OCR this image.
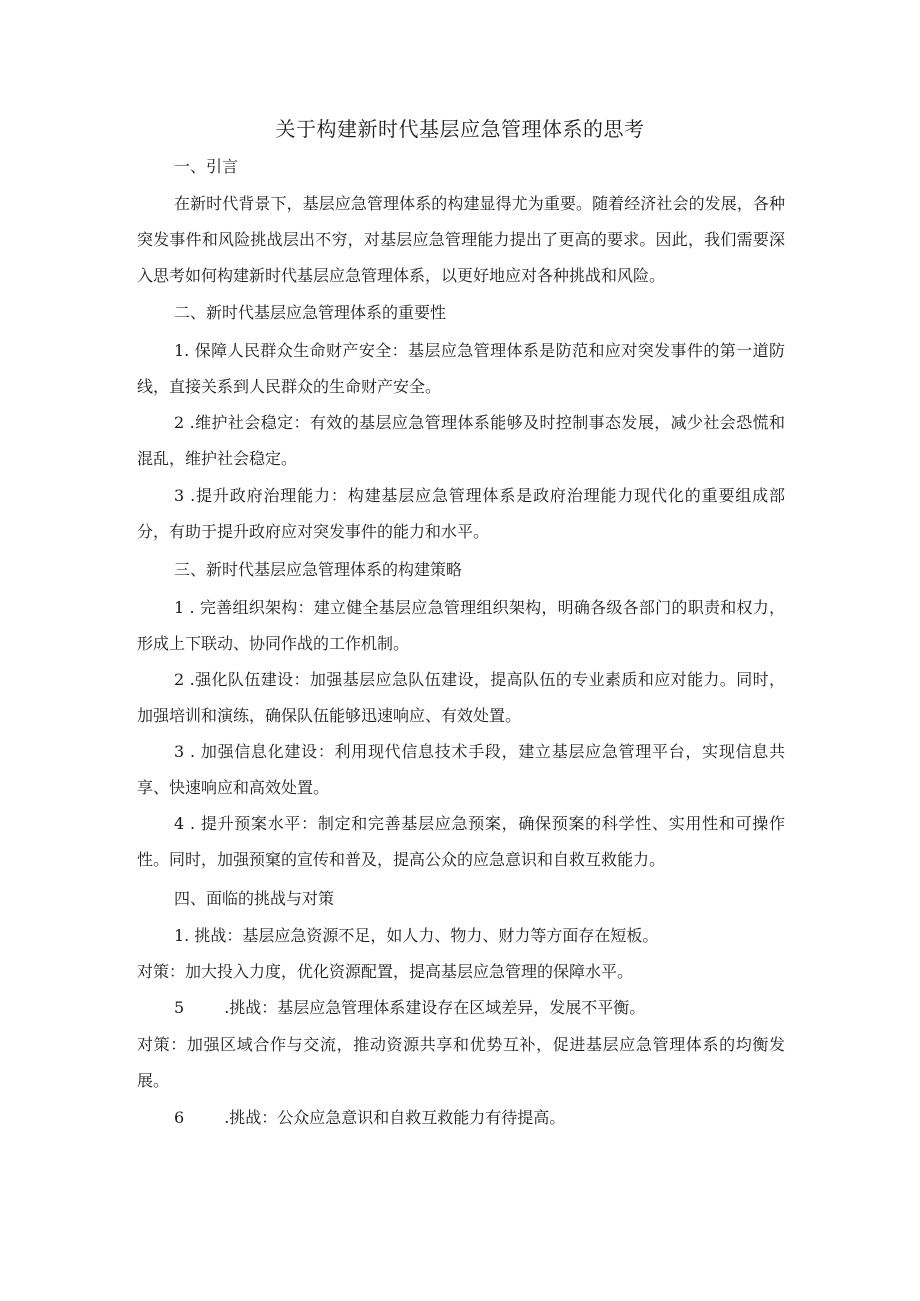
关于构建新时代基层应急管理体系的思考
一、引言
在新时代背景下，基层应急管理体系的构建显得尤为重要。随着经济社会的发展，各种突发事件和风险挑战层出不穷，对基层应急管理能力提出了更高的要求。因此，我们需要深入思考如何构建新时代基层应急管理体系，以更好地应对各种挑战和风险。
二、新时代基层应急管理体系的重要性
1. 保障人民群众生命财产安全：基层应急管理体系是防范和应对突发事件的第一道防线，直接关系到人民群众的生命财产安全。
2 .维护社会稳定：有效的基层应急管理体系能够及时控制事态发展，减少社会恐慌和混乱，维护社会稳定。
3 .提升政府治理能力：构建基层应急管理体系是政府治理能力现代化的重要组成部分，有助于提升政府应对突发事件的能力和水平。
三、新时代基层应急管理体系的构建策略
1 . 完善组织架构：建立健全基层应急管理组织架构，明确各级各部门的职责和权力，形成上下联动、协同作战的工作机制。
2 .强化队伍建设：加强基层应急队伍建设，提高队伍的专业素质和应对能力。同时，加强培训和演练，确保队伍能够迅速响应、有效处置。
3 . 加强信息化建设：利用现代信息技术手段，建立基层应急管理平台，实现信息共享、快速响应和高效处置。
4 . 提升预案水平：制定和完善基层应急预案，确保预案的科学性、实用性和可操作性。同时，加强预窠的宣传和普及，提高公众的应急意识和自救互救能力。
四、面临的挑战与对策
1. 挑战：基层应急资源不足，如人力、物力、财力等方面存在短板。
对策：加大投入力度，优化资源配置，提高基层应急管理的保障水平。
5	.挑战：基层应急管理体系建设存在区域差异，发展不平衡。
对策：加强区域合作与交流，推动资源共享和优势互补，促进基层应急管理体系的均衡发展。
6	.挑战：公众应急意识和自救互救能力有待提高。
